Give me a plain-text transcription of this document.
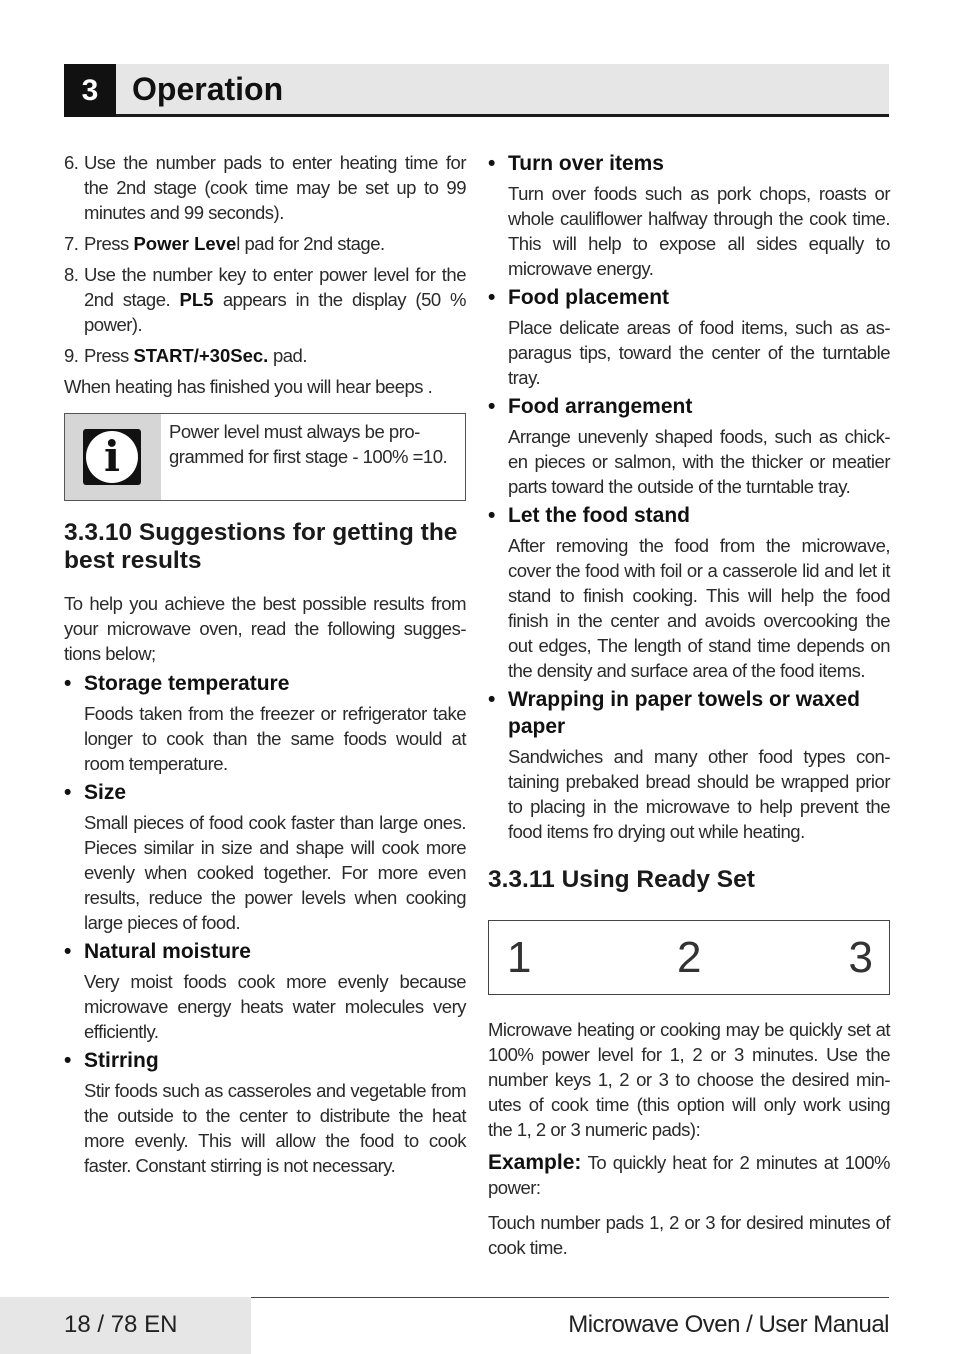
3	Operation
6. Use the number pads to enter heating time for the 2nd stage (cook time may be set up to 99 minutes and 99 seconds).
7. Press Power Level pad for 2nd stage.
8. Use the number key to enter power level for the 2nd stage. PL5 appears in the display (50 % power).
9. Press START/+30Sec. pad.

When heating has finished you will hear beeps .

i
Power level must always be pro-grammed for first stage - 100% =10.
3.3.10 Suggestions for getting the best results

To help you achieve the best possible results from your microwave oven, read the following sugges-tions below;

• Storage temperature

Foods taken from the freezer or refrigerator take longer to cook than the same foods would at room temperature.

• Size

Small pieces of food cook faster than large ones. Pieces similar in size and shape will cook more evenly when cooked together. For more even results, reduce the power levels when cooking large pieces of food.

• Natural moisture

Very moist foods cook more evenly because microwave energy heats water molecules very efficiently.

• Stirring

Stir foods such as casseroles and vegetable from the outside to the center to distribute the heat more evenly. This will allow the food to cook faster. Constant stirring is not necessary.

• Turn over items

Turn over foods such as pork chops, roasts or whole cauliflower halfway through the cook time. This will help to expose all sides equally to microwave energy.

• Food placement

Place delicate areas of food items, such as as-paragus tips, toward the center of the turntable tray.

• Food arrangement

Arrange unevenly shaped foods, such as chick-en pieces or salmon, with the thicker or meatier parts toward the outside of the turntable tray.

• Let the food stand

After removing the food from the microwave, cover the food with foil or a casserole lid and let it stand to finish cooking. This will help the food finish in the center and avoids overcooking the out edges, The length of stand time depends on the density and surface area of the food items.

• Wrapping in paper towels or waxed paper

Sandwiches and many other food types con-taining prebaked bread should be wrapped prior to placing in the microwave to help prevent the food items fro drying out while heating.

3.3.11 Using Ready Set
1	2	3

Microwave heating or cooking may be quickly set at 100% power level for 1, 2 or 3 minutes. Use the number keys 1, 2 or 3 to choose the desired min-utes of cook time (this option will only work using the 1, 2 or 3 numeric pads):

Example: To quickly heat for 2 minutes at 100% power:

Touch number pads 1, 2 or 3 for desired minutes of cook time.

18 / 78 EN	Microwave Oven / User Manual
